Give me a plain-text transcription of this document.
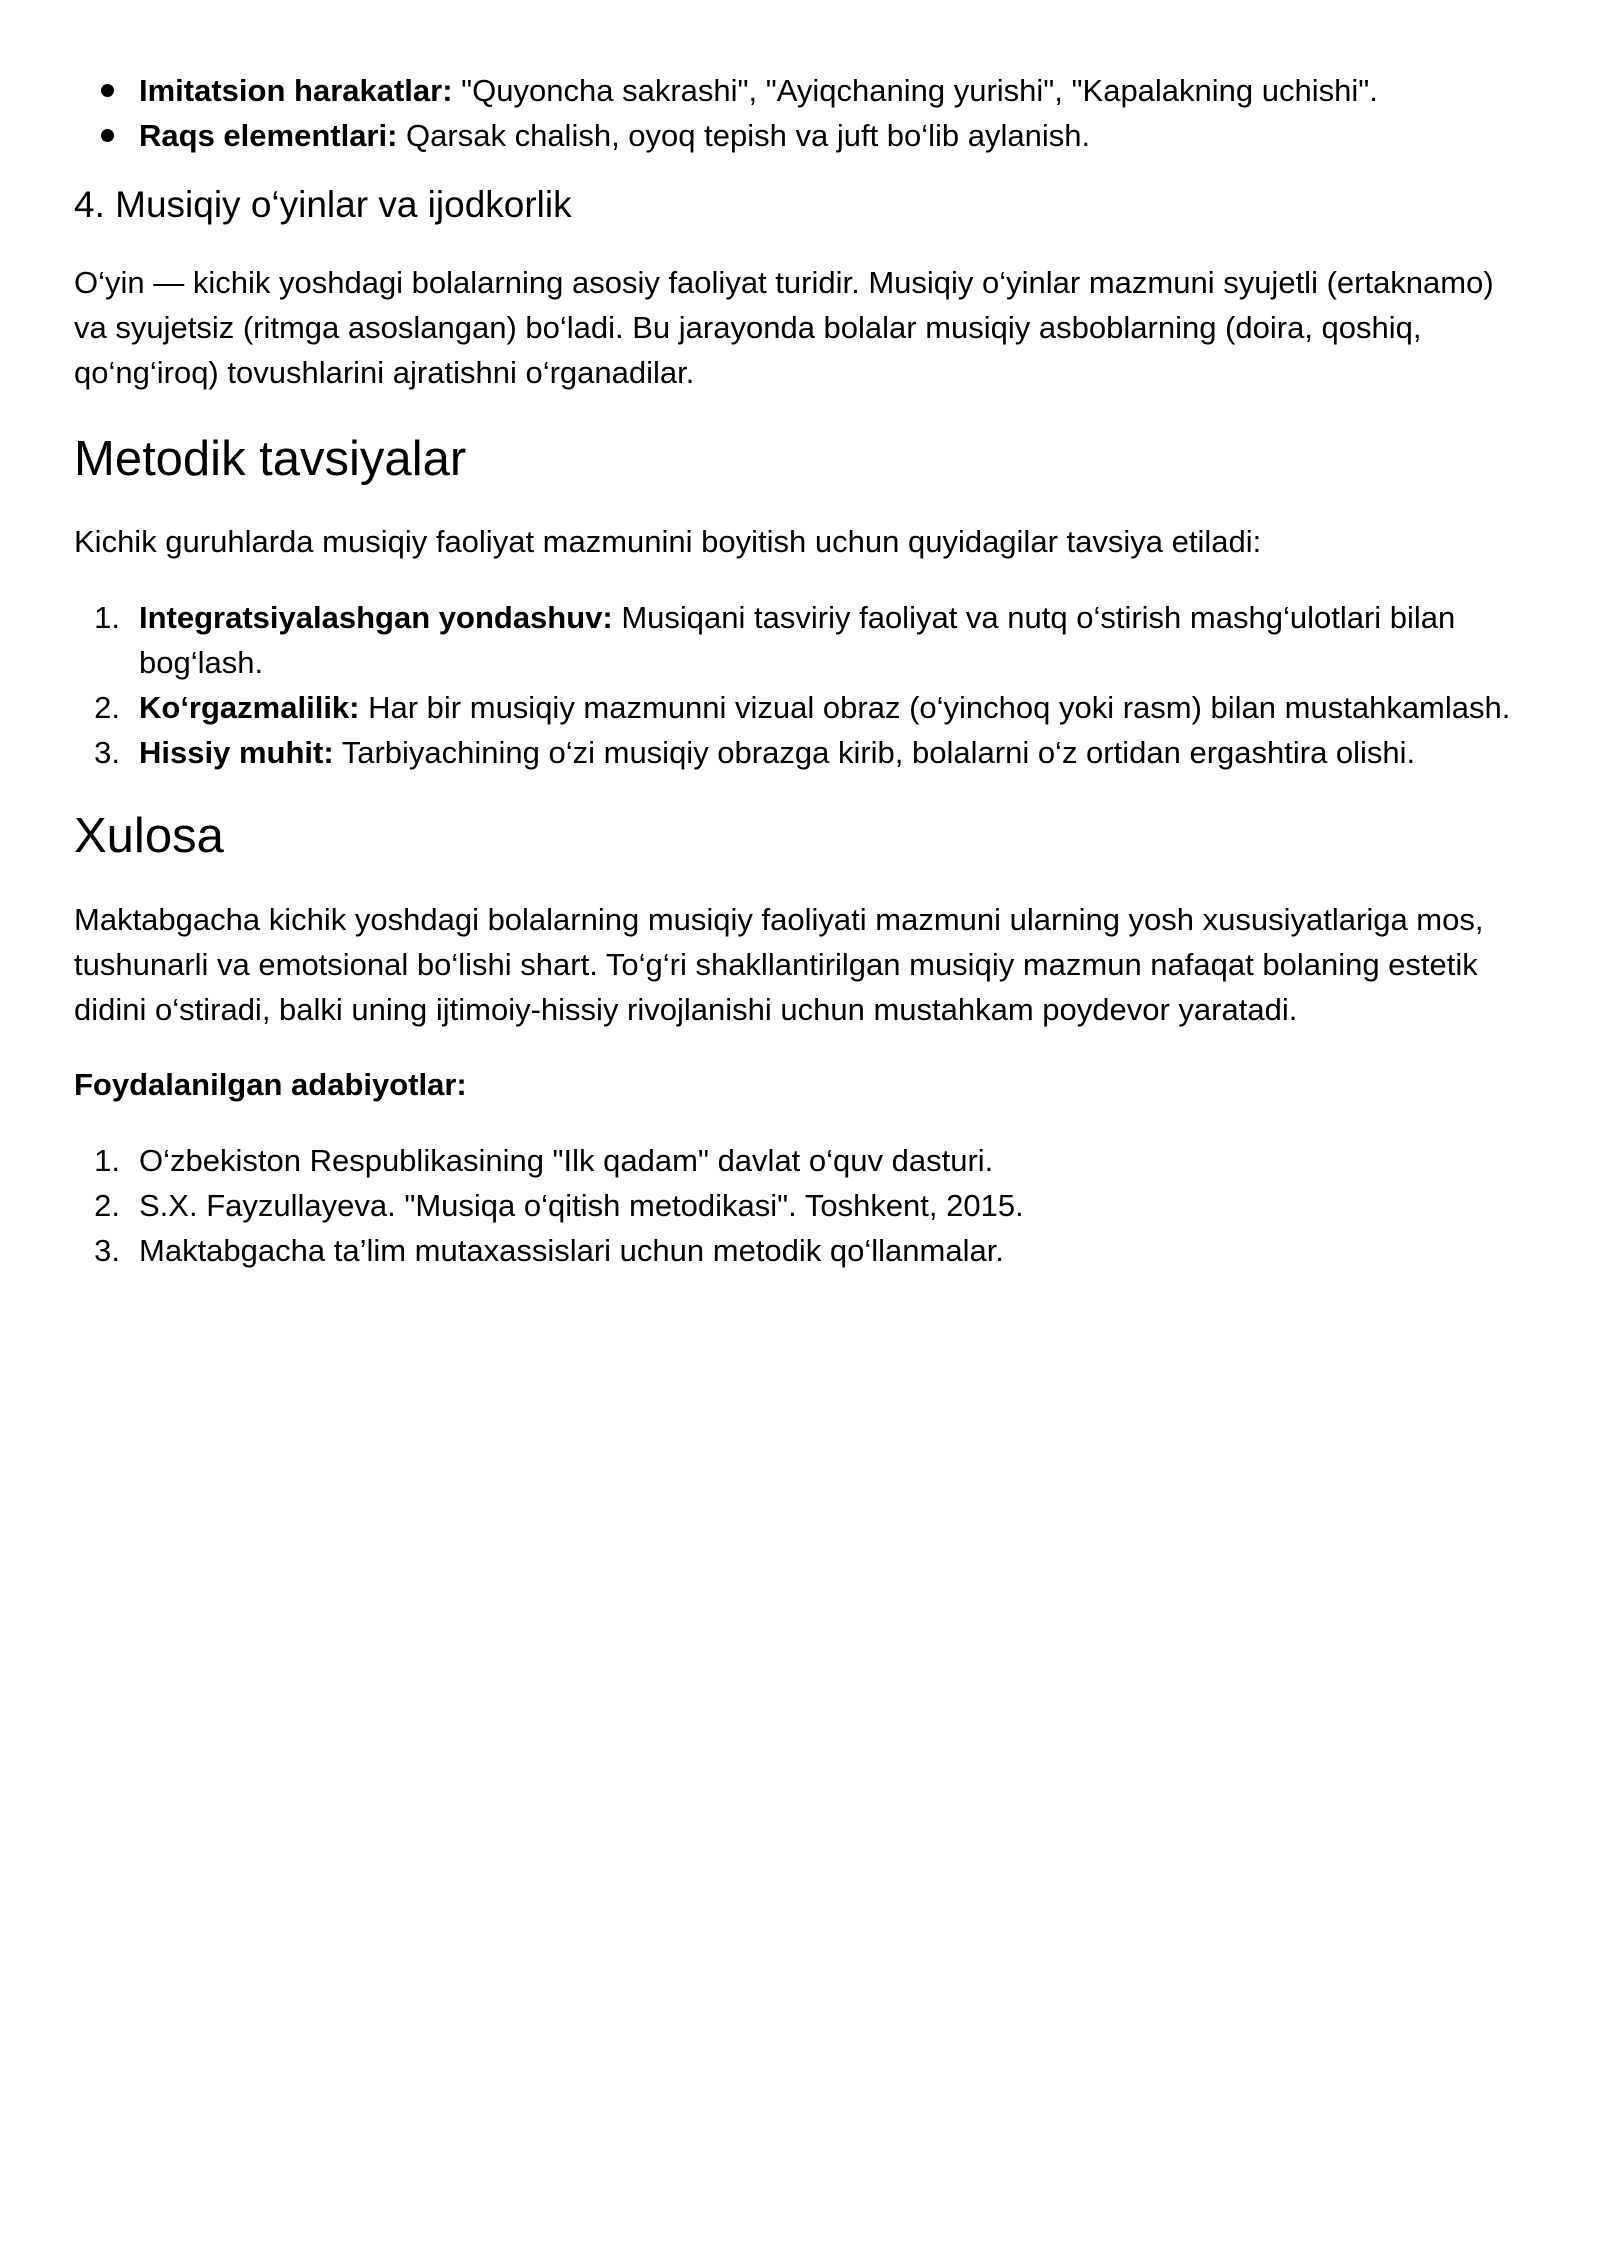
Imitatsion harakatlar: "Quyoncha sakrashi", "Ayiqchaning yurishi", "Kapalakning uchishi".
Raqs elementlari: Qarsak chalish, oyoq tepish va juft bo‘lib aylanish.
4. Musiqiy o‘yinlar va ijodkorlik

O‘yin — kichik yoshdagi bolalarning asosiy faoliyat turidir. Musiqiy o‘yinlar mazmuni syujetli (ertaknamo) va syujetsiz (ritmga asoslangan) bo‘ladi. Bu jarayonda bolalar musiqiy asboblarning (doira, qoshiq, qo‘ng‘iroq) tovushlarini ajratishni o‘rganadilar.

Metodik tavsiyalar

Kichik guruhlarda musiqiy faoliyat mazmunini boyitish uchun quyidagilar tavsiya etiladi:

1. Integratsiyalashgan yondashuv: Musiqani tasviriy faoliyat va nutq o‘stirish mashg‘ulotlari bilan bog‘lash.
2. Ko‘rgazmalilik: Har bir musiqiy mazmunni vizual obraz (o‘yinchoq yoki rasm) bilan mustahkamlash.
3. Hissiy muhit: Tarbiyachining o‘zi musiqiy obrazga kirib, bolalarni o‘z ortidan ergashtira olishi.
Xulosa

Maktabgacha kichik yoshdagi bolalarning musiqiy faoliyati mazmuni ularning yosh xususiyatlariga mos, tushunarli va emotsional bo‘lishi shart. To‘g‘ri shakllantirilgan musiqiy mazmun nafaqat bolaning estetik didini o‘stiradi, balki uning ijtimoiy-hissiy rivojlanishi uchun mustahkam poydevor yaratadi.

Foydalanilgan adabiyotlar:

1. O‘zbekiston Respublikasining "Ilk qadam" davlat o‘quv dasturi.
2. S.X. Fayzullayeva. "Musiqa o‘qitish metodikasi". Toshkent, 2015.
3. Maktabgacha ta’lim mutaxassislari uchun metodik qo‘llanmalar.
